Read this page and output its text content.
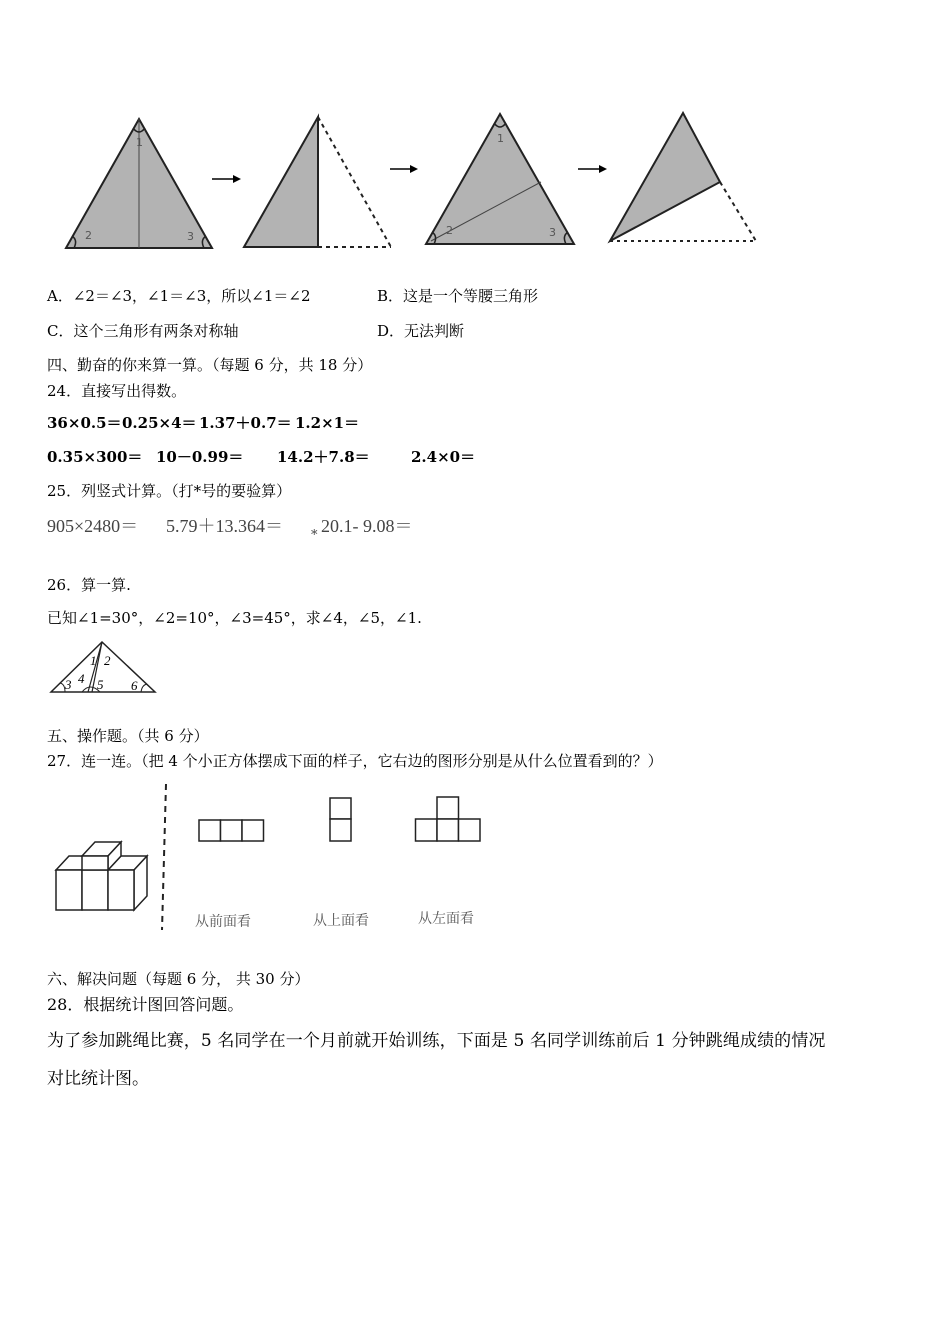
1
2	3
1
2	3
A．∠2＝∠3，∠1＝∠3，所以∠1＝∠2	B．这是一个等腰三角形
C．这个三角形有两条对称轴	D．无法判断
四、勤奋的你来算一算。（每题 6 分，共 18 分）
24．直接写出得数。
36×0.5＝ 0.25×4＝ 1.37＋0.7＝ 1.2×1＝
0.35×300＝ 10－0.99＝ 14.2＋7.8＝	2.4×0＝
25．列竖式计算。（打*号的要验算）
905×2480＝ 5.79＋13.364＝ * 20.1- 9.08＝
26．算一算.
已知∠1=30°，∠2=10°，∠3=45°，求∠4，∠5，∠1.
1 2
3 4 5 6
五、操作题。（共 6 分）
27．连一连。（把 4 个小正方体摆成下面的样子，它右边的图形分别是从什么位置看到的？）
从前面看	从上面看	从左面看
六、解决问题（每题 6 分， 共 30 分）
28．根据统计图回答问题。
为了参加跳绳比赛，5 名同学在一个月前就开始训练，下面是 5 名同学训练前后 1 分钟跳绳成绩的情况
对比统计图。
